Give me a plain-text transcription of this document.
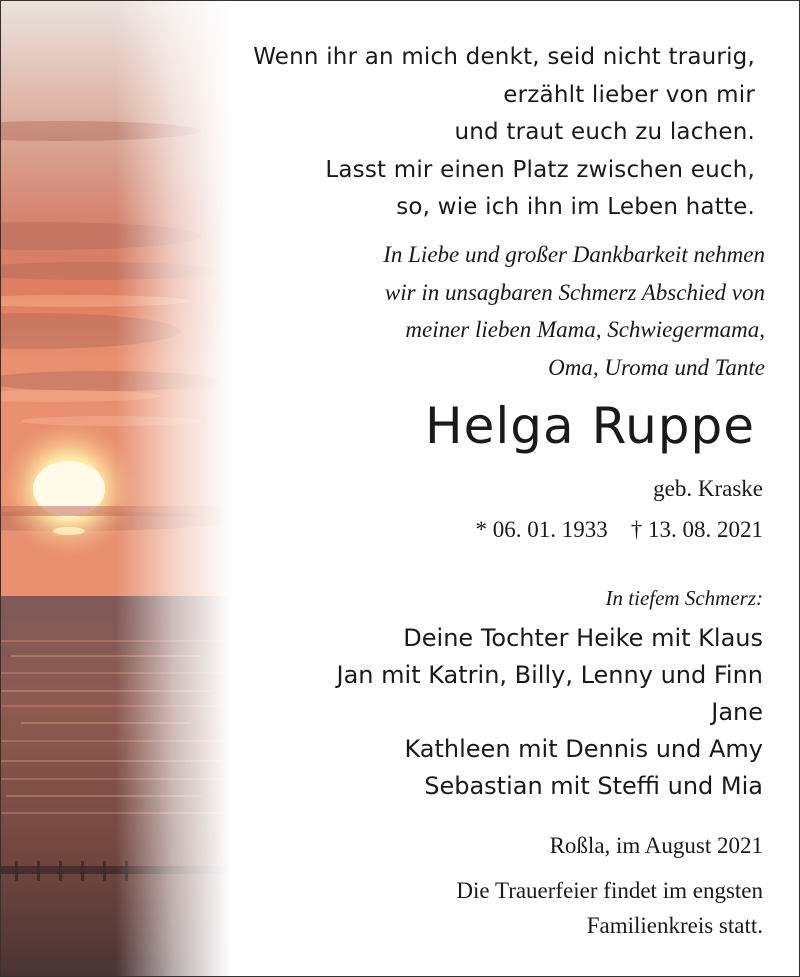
Wenn ihr an mich denkt, seid nicht traurig,
erzählt lieber von mir
und traut euch zu lachen.
Lasst mir einen Platz zwischen euch,
so, wie ich ihn im Leben hatte.
In Liebe und großer Dankbarkeit nehmen
wir in unsagbaren Schmerz Abschied von
meiner lieben Mama, Schwiegermama,
Oma, Uroma und Tante
Helga Ruppe
geb. Kraske
* 06. 01. 1933    † 13. 08. 2021
In tiefem Schmerz:
Deine Tochter Heike mit Klaus
Jan mit Katrin, Billy, Lenny und Finn
Jane
Kathleen mit Dennis und Amy
Sebastian mit Steffi und Mia
Roßla, im August 2021
Die Trauerfeier findet im engsten
Familienkreis statt.
